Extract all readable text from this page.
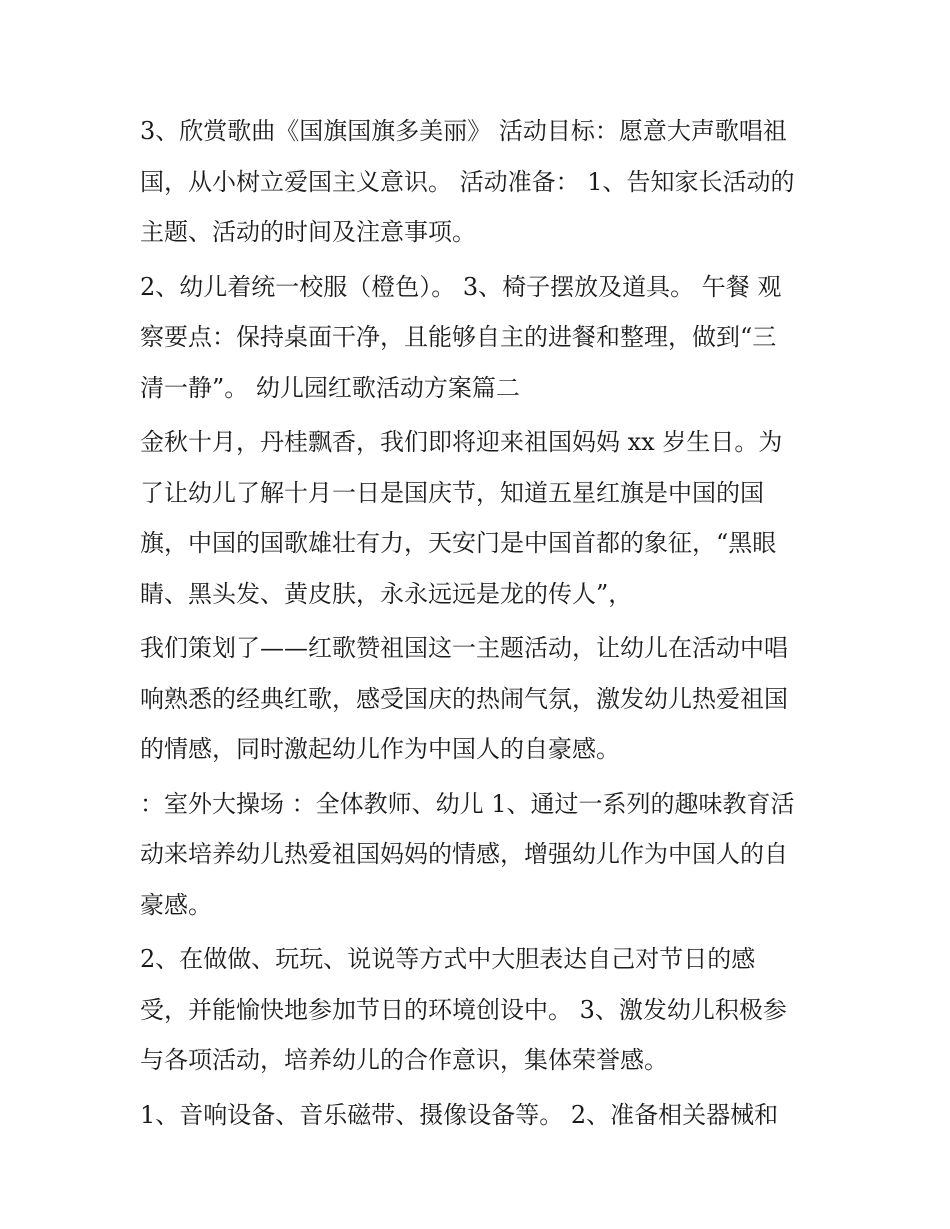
3、欣赏歌曲《国旗国旗多美丽》 活动目标：愿意大声歌唱祖
国，从小树立爱国主义意识。 活动准备： 1、告知家长活动的
主题、活动的时间及注意事项。

2、幼儿着统一校服（橙色）。 3、椅子摆放及道具。 午餐 观
察要点：保持桌面干净，且能够自主的进餐和整理，做到“三
清一静”。 幼儿园红歌活动方案篇二

金秋十月，丹桂飘香，我们即将迎来祖国妈妈 xx 岁生日。为
了让幼儿了解十月一日是国庆节，知道五星红旗是中国的国
旗，中国的国歌雄壮有力，天安门是中国首都的象征，“黑眼
睛、黑头发、黄皮肤，永永远远是龙的传人”，

我们策划了——红歌赞祖国这一主题活动，让幼儿在活动中唱
响熟悉的经典红歌，感受国庆的热闹气氛，激发幼儿热爱祖国
的情感，同时激起幼儿作为中国人的自豪感。

：室外大操场 ：全体教师、幼儿 1、通过一系列的趣味教育活
动来培养幼儿热爱祖国妈妈的情感，增强幼儿作为中国人的自
豪感。

2、在做做、玩玩、说说等方式中大胆表达自己对节日的感
受，并能愉快地参加节日的环境创设中。 3、激发幼儿积极参
与各项活动，培养幼儿的合作意识，集体荣誉感。

1、音响设备、音乐磁带、摄像设备等。 2、准备相关器械和
